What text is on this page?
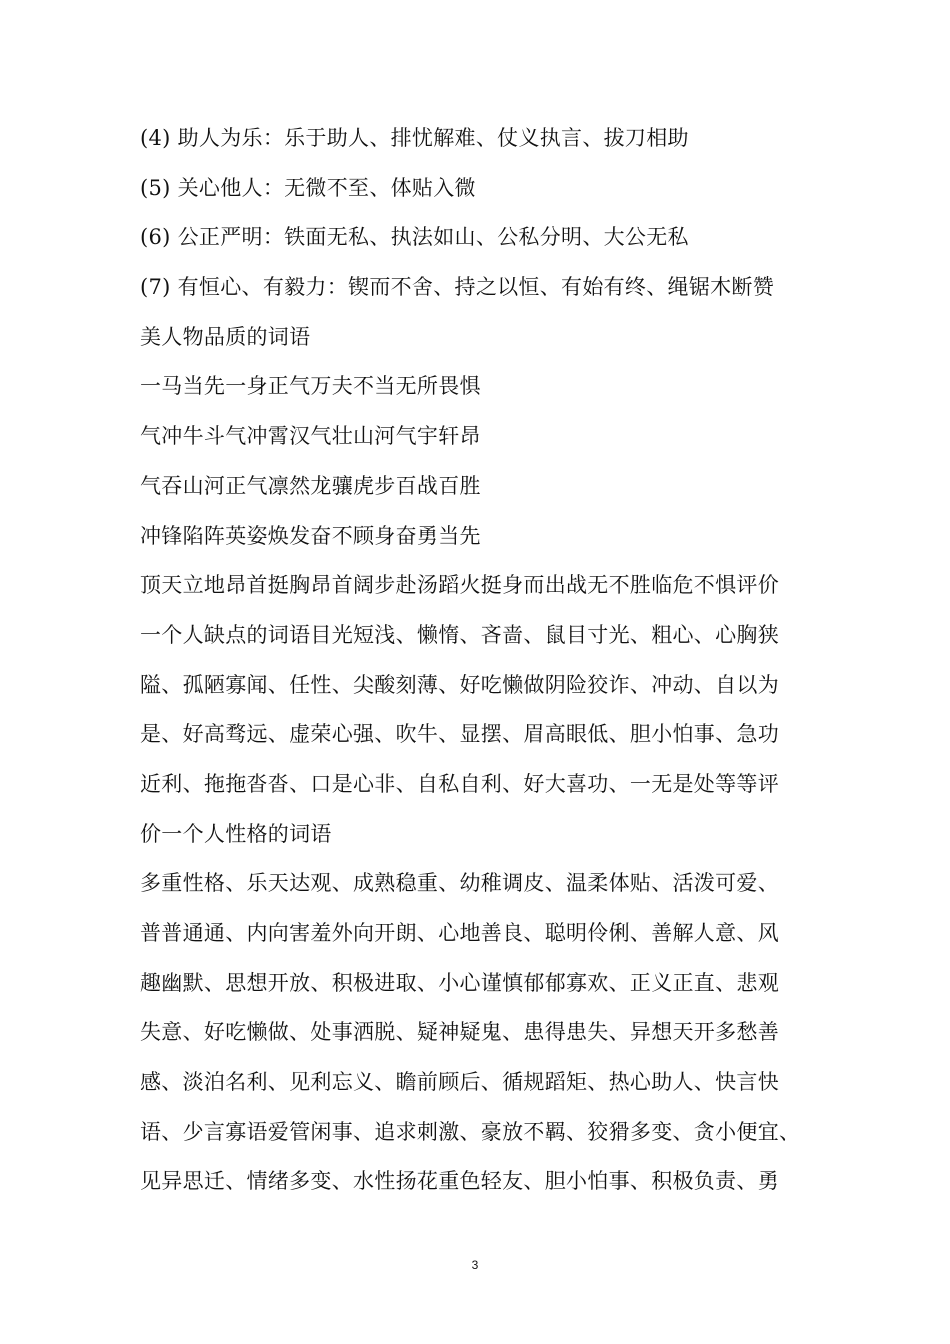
(4) 助人为乐：乐于助人、排忧解难、仗义执言、拔刀相助
(5) 关心他人：无微不至、体贴入微
(6) 公正严明：铁面无私、执法如山、公私分明、大公无私
(7) 有恒心、有毅力：锲而不舍、持之以恒、有始有终、绳锯木断赞
美人物品质的词语
一马当先一身正气万夫不当无所畏惧
气冲牛斗气冲霄汉气壮山河气宇轩昂
气吞山河正气凛然龙骧虎步百战百胜
冲锋陷阵英姿焕发奋不顾身奋勇当先
顶天立地昂首挺胸昂首阔步赴汤蹈火挺身而出战无不胜临危不惧评价
一个人缺点的词语目光短浅、懒惰、吝啬、鼠目寸光、粗心、心胸狭
隘、孤陋寡闻、任性、尖酸刻薄、好吃懒做阴险狡诈、冲动、自以为
是、好高骛远、虚荣心强、吹牛、显摆、眉高眼低、胆小怕事、急功
近利、拖拖沓沓、口是心非、自私自利、好大喜功、一无是处等等评
价一个人性格的词语
多重性格、乐天达观、成熟稳重、幼稚调皮、温柔体贴、活泼可爱、
普普通通、内向害羞外向开朗、心地善良、聪明伶俐、善解人意、风
趣幽默、思想开放、积极进取、小心谨慎郁郁寡欢、正义正直、悲观
失意、好吃懒做、处事洒脱、疑神疑鬼、患得患失、异想天开多愁善
感、淡泊名利、见利忘义、瞻前顾后、循规蹈矩、热心助人、快言快
语、少言寡语爱管闲事、追求刺激、豪放不羁、狡猾多变、贪小便宜、
见异思迁、情绪多变、水性扬花重色轻友、胆小怕事、积极负责、勇
3
